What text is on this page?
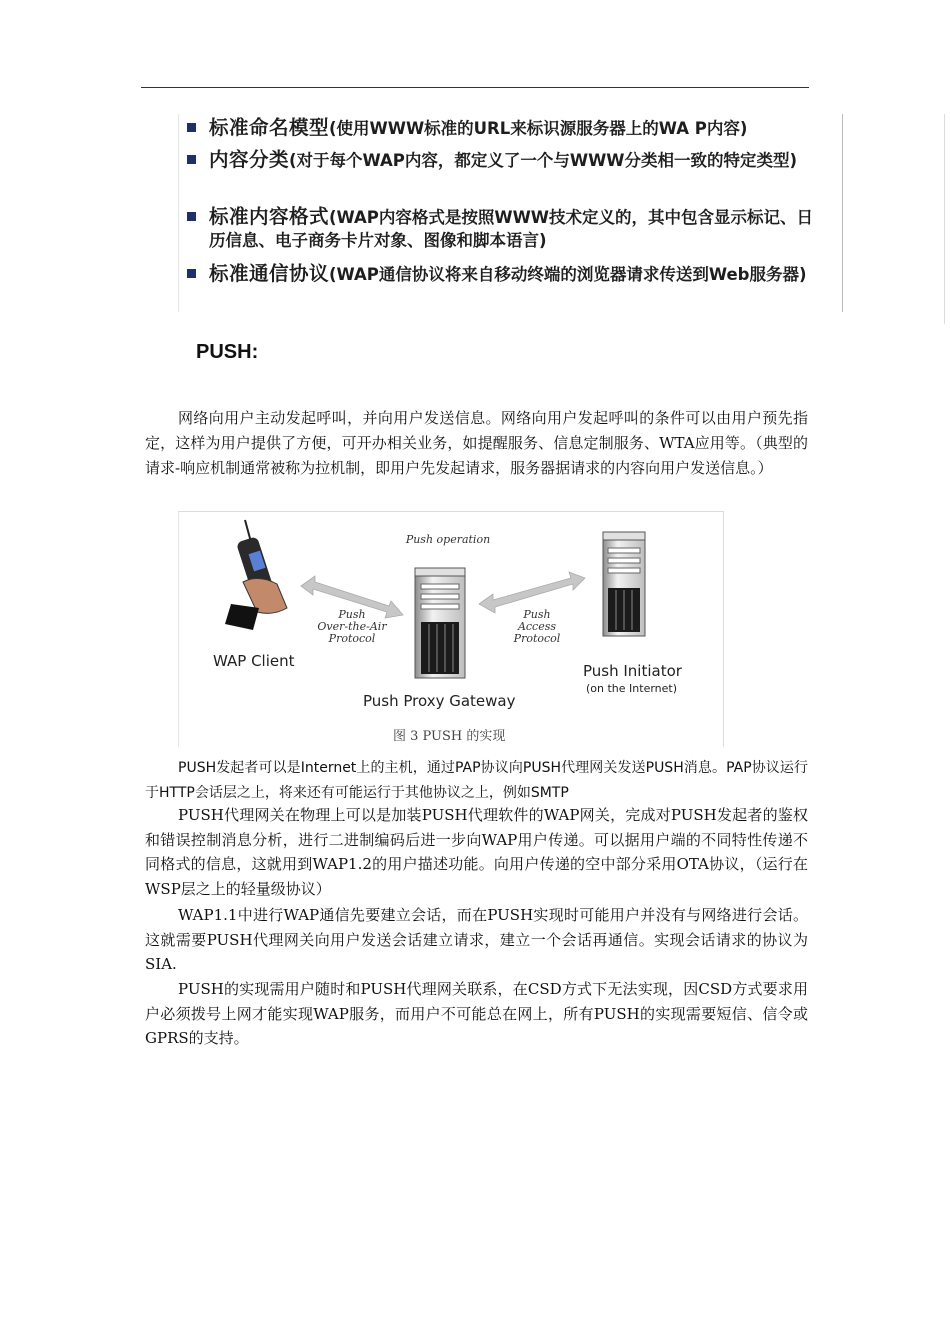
标准命名模型(使用WWW标准的URL来标识源服务器上的WA P内容)
内容分类(对于每个WAP内容，都定义了一个与WWW分类相一致的特定类型)
标准内容格式(WAP内容格式是按照WWW技术定义的，其中包含显示标记、日历信息、电子商务卡片对象、图像和脚本语言)
标准通信协议(WAP通信协议将来自移动终端的浏览器请求传送到Web服务器)
PUSH:

网络向用户主动发起呼叫，并向用户发送信息。网络向用户发起呼叫的条件可以由用户预先指定，这样为用户提供了方便，可开办相关业务，如提醒服务、信息定制服务、WTA应用等。（典型的请求-响应机制通常被称为拉机制，即用户先发起请求，服务器据请求的内容向用户发送信息。）

Push operation
Push
Over-the-Air
Protocol
Push
Access
Protocol
WAP Client
Push Proxy Gateway
Push Initiator
(on the Internet)
图 3 PUSH 的实现

PUSH发起者可以是Internet上的主机，通过PAP协议向PUSH代理网关发送PUSH消息。PAP协议运行于HTTP会话层之上，将来还有可能运行于其他协议之上，例如SMTP

PUSH代理网关在物理上可以是加装PUSH代理软件的WAP网关，完成对PUSH发起者的鉴权和错误控制消息分析，进行二进制编码后进一步向WAP用户传递。可以据用户端的不同特性传递不同格式的信息，这就用到WAP1.2的用户描述功能。向用户传递的空中部分采用OTA协议，（运行在WSP层之上的轻量级协议）

WAP1.1中进行WAP通信先要建立会话，而在PUSH实现时可能用户并没有与网络进行会话。这就需要PUSH代理网关向用户发送会话建立请求，建立一个会话再通信。实现会话请求的协议为SIA.

PUSH的实现需用户随时和PUSH代理网关联系，在CSD方式下无法实现，因CSD方式要求用户必须拨号上网才能实现WAP服务，而用户不可能总在网上，所有PUSH的实现需要短信、信令或GPRS的支持。
